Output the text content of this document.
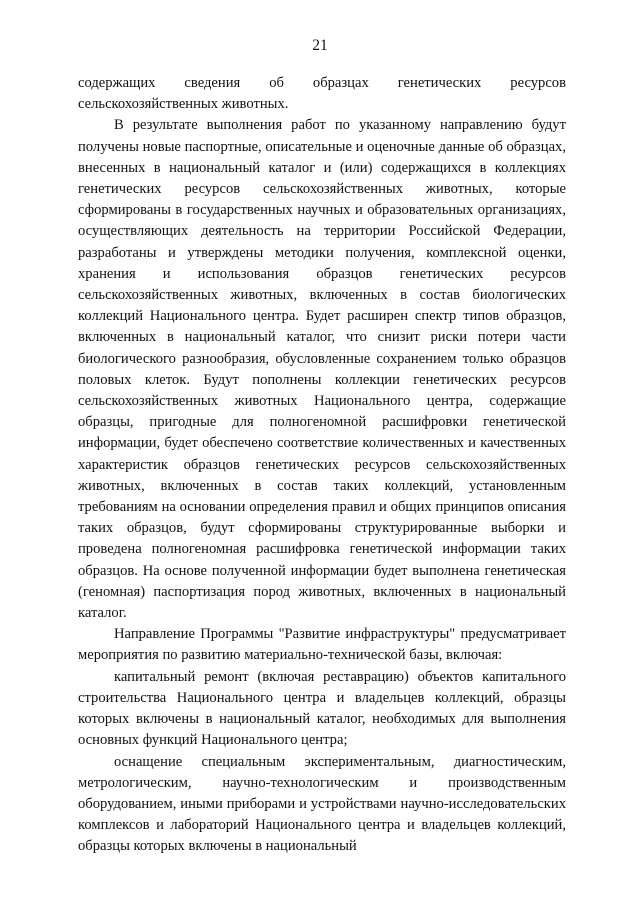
21

содержащих сведения об образцах генетических ресурсов сельскохозяйственных животных.

В результате выполнения работ по указанному направлению будут получены новые паспортные, описательные и оценочные данные об образцах, внесенных в национальный каталог и (или) содержащихся в коллекциях генетических ресурсов сельскохозяйственных животных, которые сформированы в государственных научных и образовательных организациях, осуществляющих деятельность на территории Российской Федерации, разработаны и утверждены методики получения, комплексной оценки, хранения и использования образцов генетических ресурсов сельскохозяйственных животных, включенных в состав биологических коллекций Национального центра. Будет расширен спектр типов образцов, включенных в национальный каталог, что снизит риски потери части биологического разнообразия, обусловленные сохранением только образцов половых клеток. Будут пополнены коллекции генетических ресурсов сельскохозяйственных животных Национального центра, содержащие образцы, пригодные для полногеномной расшифровки генетической информации, будет обеспечено соответствие количественных и качественных характеристик образцов генетических ресурсов сельскохозяйственных животных, включенных в состав таких коллекций, установленным требованиям на основании определения правил и общих принципов описания таких образцов, будут сформированы структурированные выборки и проведена полногеномная расшифровка генетической информации таких образцов. На основе полученной информации будет выполнена генетическая (геномная) паспортизация пород животных, включенных в национальный каталог.

Направление Программы "Развитие инфраструктуры" предусматривает мероприятия по развитию материально-технической базы, включая:

капитальный ремонт (включая реставрацию) объектов капитального строительства Национального центра и владельцев коллекций, образцы которых включены в национальный каталог, необходимых для выполнения основных функций Национального центра;

оснащение специальным экспериментальным, диагностическим, метрологическим, научно-технологическим и производственным оборудованием, иными приборами и устройствами научно-исследовательских комплексов и лабораторий Национального центра и владельцев коллекций, образцы которых включены в национальный
